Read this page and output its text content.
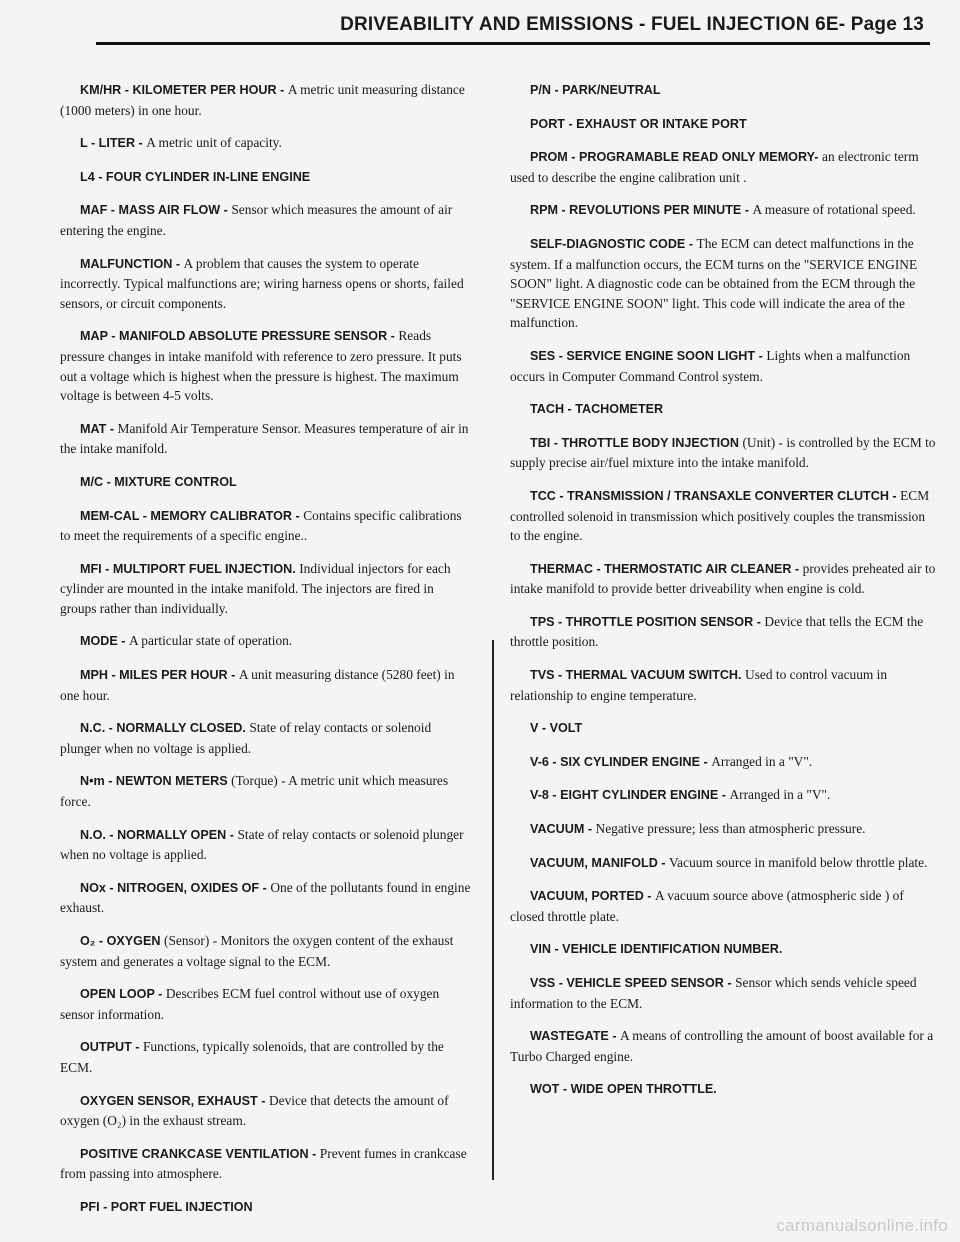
DRIVEABILITY AND EMISSIONS - FUEL INJECTION 6E- Page 13

KM/HR - KILOMETER PER HOUR - A metric unit measuring distance (1000 meters) in one hour.

L - LITER - A metric unit of capacity.

L4 - FOUR CYLINDER IN-LINE ENGINE

MAF - MASS AIR FLOW - Sensor which measures the amount of air entering the engine.

MALFUNCTION - A problem that causes the system to operate incorrectly. Typical malfunctions are; wiring harness opens or shorts, failed sensors, or circuit components.

MAP - MANIFOLD ABSOLUTE PRESSURE SENSOR - Reads pressure changes in intake manifold with reference to zero pressure. It puts out a voltage which is highest when the pressure is highest. The maximum voltage is between 4-5 volts.

MAT - Manifold Air Temperature Sensor. Measures temperature of air in the intake manifold.

M/C - MIXTURE CONTROL

MEM-CAL - MEMORY CALIBRATOR - Contains specific calibrations to meet the requirements of a specific engine..

MFI - MULTIPORT FUEL INJECTION. Individual injectors for each cylinder are mounted in the intake manifold. The injectors are fired in groups rather than individually.

MODE - A particular state of operation.

MPH - MILES PER HOUR - A unit measuring distance (5280 feet) in one hour.

N.C. - NORMALLY CLOSED. State of relay contacts or solenoid plunger when no voltage is applied.

N•m - NEWTON METERS (Torque) - A metric unit which measures force.

N.O. - NORMALLY OPEN - State of relay contacts or solenoid plunger when no voltage is applied.

NOx - NITROGEN, OXIDES OF - One of the pollutants found in engine exhaust.

O₂ - OXYGEN (Sensor) - Monitors the oxygen content of the exhaust system and generates a voltage signal to the ECM.

OPEN LOOP - Describes ECM fuel control without use of oxygen sensor information.

OUTPUT - Functions, typically solenoids, that are controlled by the ECM.

OXYGEN SENSOR, EXHAUST - Device that detects the amount of oxygen (O₂) in the exhaust stream.

POSITIVE CRANKCASE VENTILATION - Prevent fumes in crankcase from passing into atmosphere.

PFI - PORT FUEL INJECTION

P/N - PARK/NEUTRAL

PORT - EXHAUST OR INTAKE PORT

PROM - PROGRAMABLE READ ONLY MEMORY- an electronic term used to describe the engine calibration unit .

RPM - REVOLUTIONS PER MINUTE - A measure of rotational speed.

SELF-DIAGNOSTIC CODE - The ECM can detect malfunctions in the system. If a malfunction occurs, the ECM turns on the "SERVICE ENGINE SOON" light. A diagnostic code can be obtained from the ECM through the "SERVICE ENGINE SOON" light. This code will indicate the area of the malfunction.

SES - SERVICE ENGINE SOON LIGHT - Lights when a malfunction occurs in Computer Command Control system.

TACH - TACHOMETER

TBI - THROTTLE BODY INJECTION (Unit) - is controlled by the ECM to supply precise air/fuel mixture into the intake manifold.

TCC - TRANSMISSION / TRANSAXLE CONVERTER CLUTCH - ECM controlled solenoid in transmission which positively couples the transmission to the engine.

THERMAC - THERMOSTATIC AIR CLEANER - provides preheated air to intake manifold to provide better driveability when engine is cold.

TPS - THROTTLE POSITION SENSOR - Device that tells the ECM the throttle position.

TVS - THERMAL VACUUM SWITCH. Used to control vacuum in relationship to engine temperature.

V - VOLT

V-6 - SIX CYLINDER ENGINE - Arranged in a "V".

V-8 - EIGHT CYLINDER ENGINE - Arranged in a "V".

VACUUM - Negative pressure; less than atmospheric pressure.

VACUUM, MANIFOLD - Vacuum source in manifold below throttle plate.

VACUUM, PORTED - A vacuum source above (atmospheric side ) of closed throttle plate.

VIN - VEHICLE IDENTIFICATION NUMBER.

VSS - VEHICLE SPEED SENSOR - Sensor which sends vehicle speed information to the ECM.

WASTEGATE - A means of controlling the amount of boost available for a Turbo Charged engine.

WOT - WIDE OPEN THROTTLE.

carmanualsonline.info
